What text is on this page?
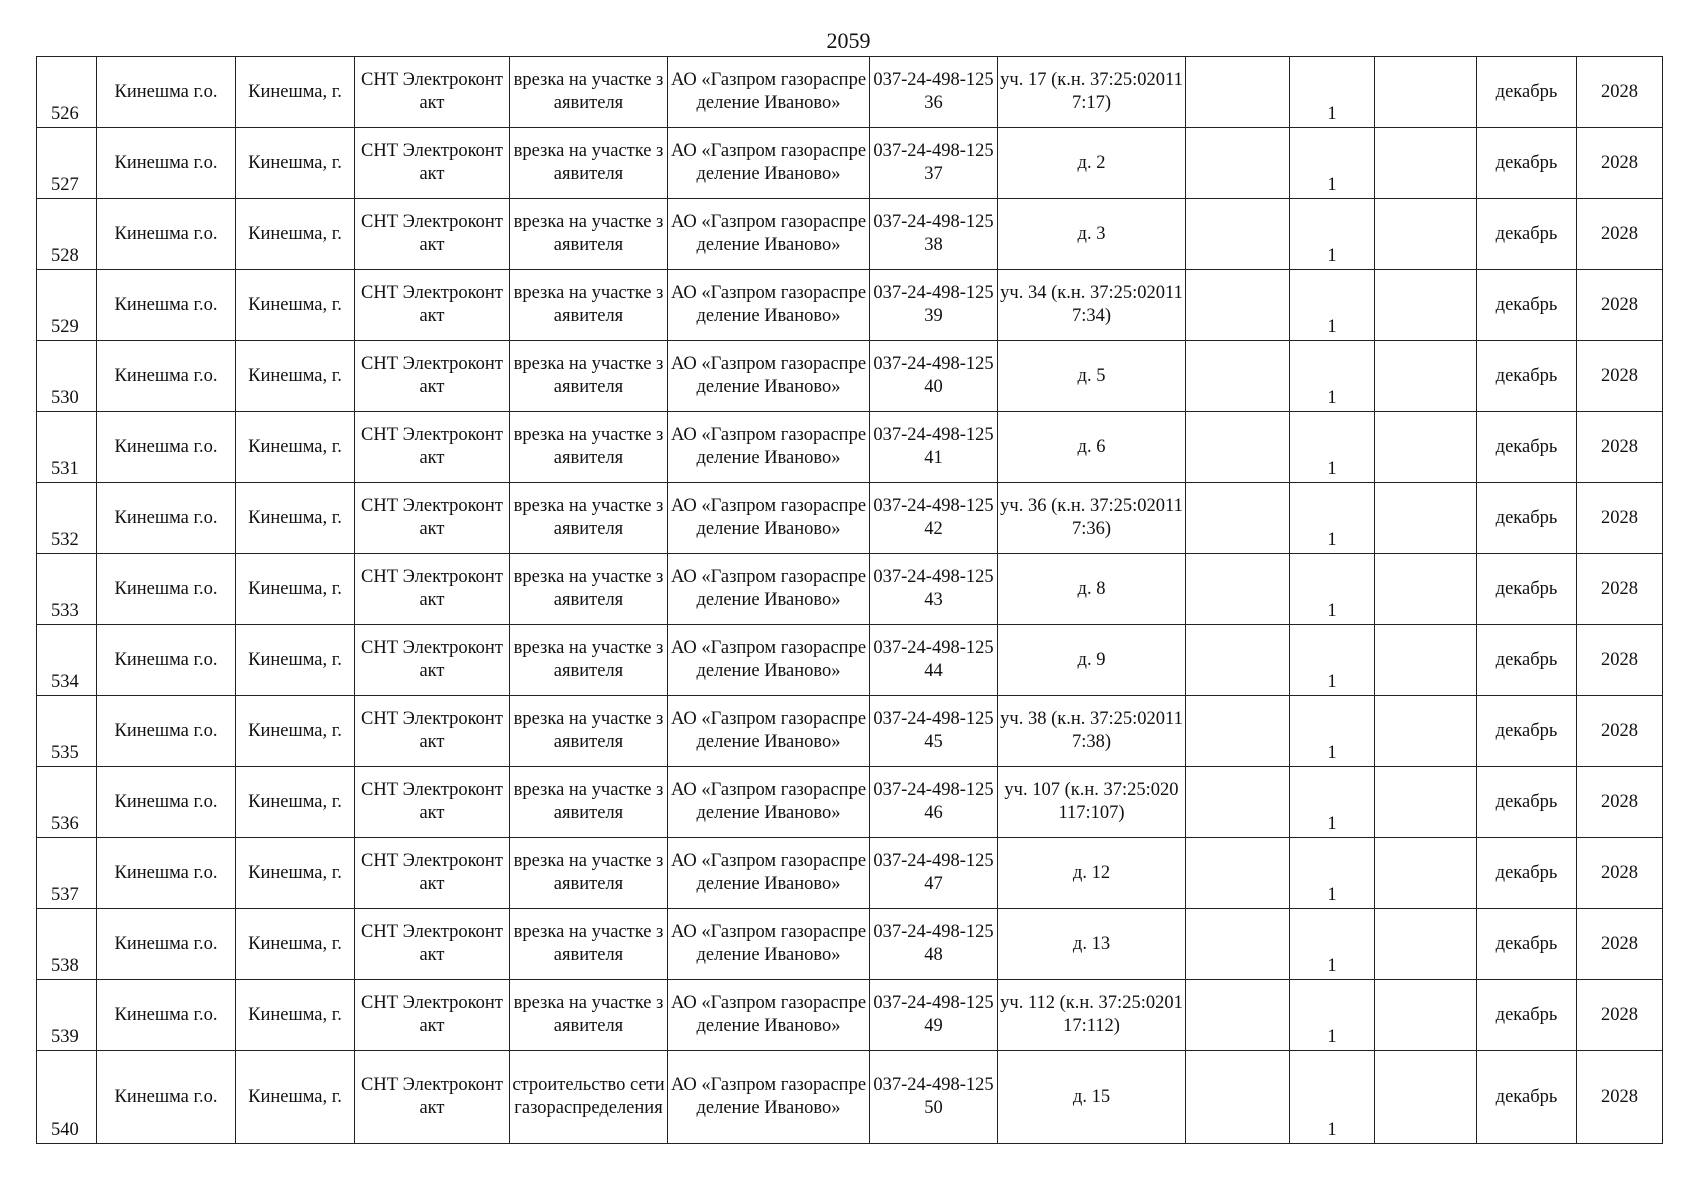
2059
526	Кинешма г.о.	Кинешма, г.	СНТ Электроконтакт	врезка на участке заявителя	АО «Газпром газораспределение Иваново»	037-24-498-12536	уч. 17 (к.н. 37:25:020117:17)		1		декабрь	2028
527	Кинешма г.о.	Кинешма, г.	СНТ Электроконтакт	врезка на участке заявителя	АО «Газпром газораспределение Иваново»	037-24-498-12537	д. 2		1		декабрь	2028
528	Кинешма г.о.	Кинешма, г.	СНТ Электроконтакт	врезка на участке заявителя	АО «Газпром газораспределение Иваново»	037-24-498-12538	д. 3		1		декабрь	2028
529	Кинешма г.о.	Кинешма, г.	СНТ Электроконтакт	врезка на участке заявителя	АО «Газпром газораспределение Иваново»	037-24-498-12539	уч. 34 (к.н. 37:25:020117:34)		1		декабрь	2028
530	Кинешма г.о.	Кинешма, г.	СНТ Электроконтакт	врезка на участке заявителя	АО «Газпром газораспределение Иваново»	037-24-498-12540	д. 5		1		декабрь	2028
531	Кинешма г.о.	Кинешма, г.	СНТ Электроконтакт	врезка на участке заявителя	АО «Газпром газораспределение Иваново»	037-24-498-12541	д. 6		1		декабрь	2028
532	Кинешма г.о.	Кинешма, г.	СНТ Электроконтакт	врезка на участке заявителя	АО «Газпром газораспределение Иваново»	037-24-498-12542	уч. 36 (к.н. 37:25:020117:36)		1		декабрь	2028
533	Кинешма г.о.	Кинешма, г.	СНТ Электроконтакт	врезка на участке заявителя	АО «Газпром газораспределение Иваново»	037-24-498-12543	д. 8		1		декабрь	2028
534	Кинешма г.о.	Кинешма, г.	СНТ Электроконтакт	врезка на участке заявителя	АО «Газпром газораспределение Иваново»	037-24-498-12544	д. 9		1		декабрь	2028
535	Кинешма г.о.	Кинешма, г.	СНТ Электроконтакт	врезка на участке заявителя	АО «Газпром газораспределение Иваново»	037-24-498-12545	уч. 38 (к.н. 37:25:020117:38)		1		декабрь	2028
536	Кинешма г.о.	Кинешма, г.	СНТ Электроконтакт	врезка на участке заявителя	АО «Газпром газораспределение Иваново»	037-24-498-12546	уч. 107 (к.н. 37:25:020117:107)		1		декабрь	2028
537	Кинешма г.о.	Кинешма, г.	СНТ Электроконтакт	врезка на участке заявителя	АО «Газпром газораспределение Иваново»	037-24-498-12547	д. 12		1		декабрь	2028
538	Кинешма г.о.	Кинешма, г.	СНТ Электроконтакт	врезка на участке заявителя	АО «Газпром газораспределение Иваново»	037-24-498-12548	д. 13		1		декабрь	2028
539	Кинешма г.о.	Кинешма, г.	СНТ Электроконтакт	врезка на участке заявителя	АО «Газпром газораспределение Иваново»	037-24-498-12549	уч. 112 (к.н. 37:25:020117:112)		1		декабрь	2028
540	Кинешма г.о.	Кинешма, г.	СНТ Электроконтакт	строительство сети газораспределения	АО «Газпром газораспределение Иваново»	037-24-498-12550	д. 15		1		декабрь	2028
